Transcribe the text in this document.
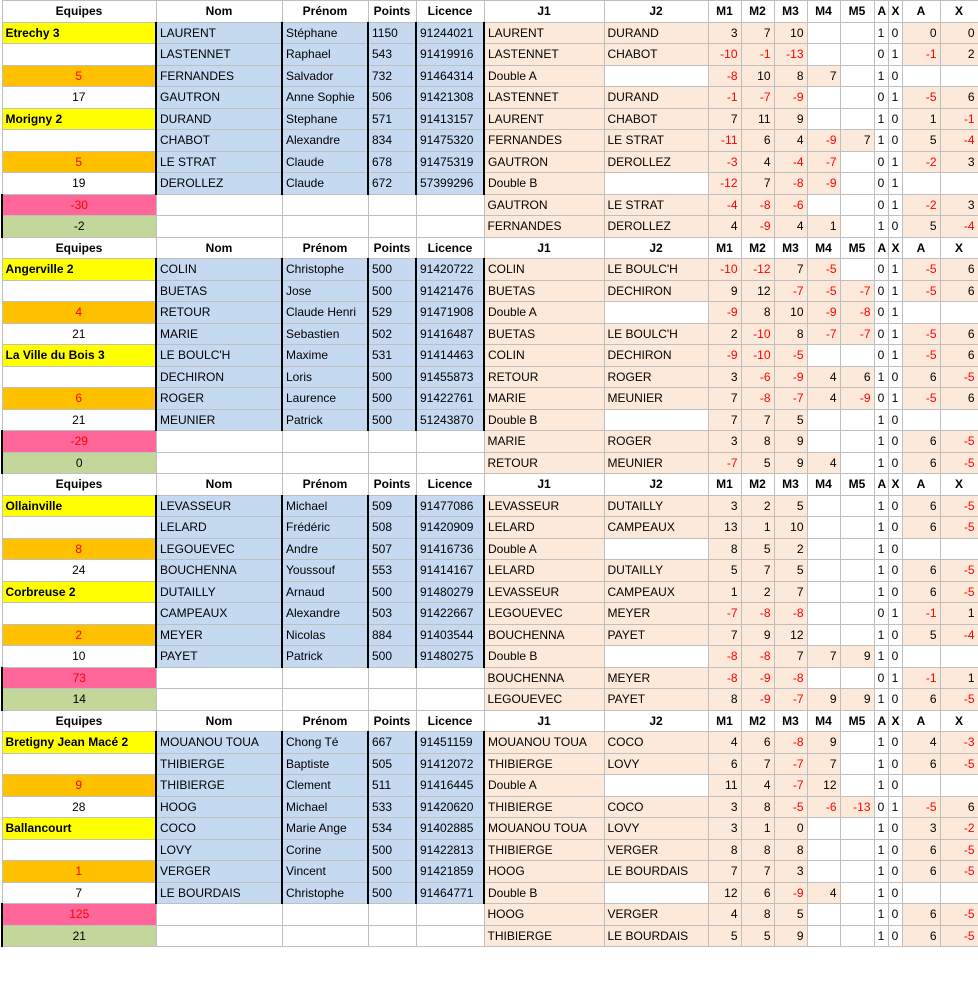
Equipes	Nom	Prénom	Points	Licence	J1	J2	M1	M2	M3	M4	M5	A	X	A	X
Etrechy 3	LAURENT	Stéphane	1150	91244021	LAURENT	DURAND	3	7	10			1	0	0	0
	LASTENNET	Raphael	543	91419916	LASTENNET	CHABOT	-10	-1	-13			0	1	-1	2
5	FERNANDES	Salvador	732	91464314	Double A		-8	10	8	7		1	0		
17	GAUTRON	Anne Sophie	506	91421308	LASTENNET	DURAND	-1	-7	-9			0	1	-5	6
Morigny 2	DURAND	Stephane	571	91413157	LAURENT	CHABOT	7	11	9			1	0	1	-1
	CHABOT	Alexandre	834	91475320	FERNANDES	LE STRAT	-11	6	4	-9	7	1	0	5	-4
5	LE STRAT	Claude	678	91475319	GAUTRON	DEROLLEZ	-3	4	-4	-7		0	1	-2	3
19	DEROLLEZ	Claude	672	57399296	Double B		-12	7	-8	-9		0	1		
-30					GAUTRON	LE STRAT	-4	-8	-6			0	1	-2	3
-2					FERNANDES	DEROLLEZ	4	-9	4	1		1	0	5	-4
Equipes	Nom	Prénom	Points	Licence	J1	J2	M1	M2	M3	M4	M5	A	X	A	X
Angerville 2	COLIN	Christophe	500	91420722	COLIN	LE BOULC'H	-10	-12	7	-5		0	1	-5	6
	BUETAS	Jose	500	91421476	BUETAS	DECHIRON	9	12	-7	-5	-7	0	1	-5	6
4	RETOUR	Claude Henri	529	91471908	Double A		-9	8	10	-9	-8	0	1		
21	MARIE	Sebastien	502	91416487	BUETAS	LE BOULC'H	2	-10	8	-7	-7	0	1	-5	6
La Ville du Bois 3	LE BOULC'H	Maxime	531	91414463	COLIN	DECHIRON	-9	-10	-5			0	1	-5	6
	DECHIRON	Loris	500	91455873	RETOUR	ROGER	3	-6	-9	4	6	1	0	6	-5
6	ROGER	Laurence	500	91422761	MARIE	MEUNIER	7	-8	-7	4	-9	0	1	-5	6
21	MEUNIER	Patrick	500	51243870	Double B		7	7	5			1	0		
-29					MARIE	ROGER	3	8	9			1	0	6	-5
0					RETOUR	MEUNIER	-7	5	9	4		1	0	6	-5
Equipes	Nom	Prénom	Points	Licence	J1	J2	M1	M2	M3	M4	M5	A	X	A	X
Ollainville	LEVASSEUR	Michael	509	91477086	LEVASSEUR	DUTAILLY	3	2	5			1	0	6	-5
	LELARD	Frédéric	508	91420909	LELARD	CAMPEAUX	13	1	10			1	0	6	-5
8	LEGOUEVEC	Andre	507	91416736	Double A		8	5	2			1	0		
24	BOUCHENNA	Youssouf	553	91414167	LELARD	DUTAILLY	5	7	5			1	0	6	-5
Corbreuse 2	DUTAILLY	Arnaud	500	91480279	LEVASSEUR	CAMPEAUX	1	2	7			1	0	6	-5
	CAMPEAUX	Alexandre	503	91422667	LEGOUEVEC	MEYER	-7	-8	-8			0	1	-1	1
2	MEYER	Nicolas	884	91403544	BOUCHENNA	PAYET	7	9	12			1	0	5	-4
10	PAYET	Patrick	500	91480275	Double B		-8	-8	7	7	9	1	0		
73					BOUCHENNA	MEYER	-8	-9	-8			0	1	-1	1
14					LEGOUEVEC	PAYET	8	-9	-7	9	9	1	0	6	-5
Equipes	Nom	Prénom	Points	Licence	J1	J2	M1	M2	M3	M4	M5	A	X	A	X
Bretigny Jean Macé 2	MOUANOU TOUA	Chong Té	667	91451159	MOUANOU TOUA	COCO	4	6	-8	9		1	0	4	-3
	THIBIERGE	Baptiste	505	91412072	THIBIERGE	LOVY	6	7	-7	7		1	0	6	-5
9	THIBIERGE	Clement	511	91416445	Double A		11	4	-7	12		1	0		
28	HOOG	Michael	533	91420620	THIBIERGE	COCO	3	8	-5	-6	-13	0	1	-5	6
Ballancourt	COCO	Marie Ange	534	91402885	MOUANOU TOUA	LOVY	3	1	0			1	0	3	-2
	LOVY	Corine	500	91422813	THIBIERGE	VERGER	8	8	8			1	0	6	-5
1	VERGER	Vincent	500	91421859	HOOG	LE BOURDAIS	7	7	3			1	0	6	-5
7	LE BOURDAIS	Christophe	500	91464771	Double B		12	6	-9	4		1	0		
125					HOOG	VERGER	4	8	5			1	0	6	-5
21					THIBIERGE	LE BOURDAIS	5	5	9			1	0	6	-5
